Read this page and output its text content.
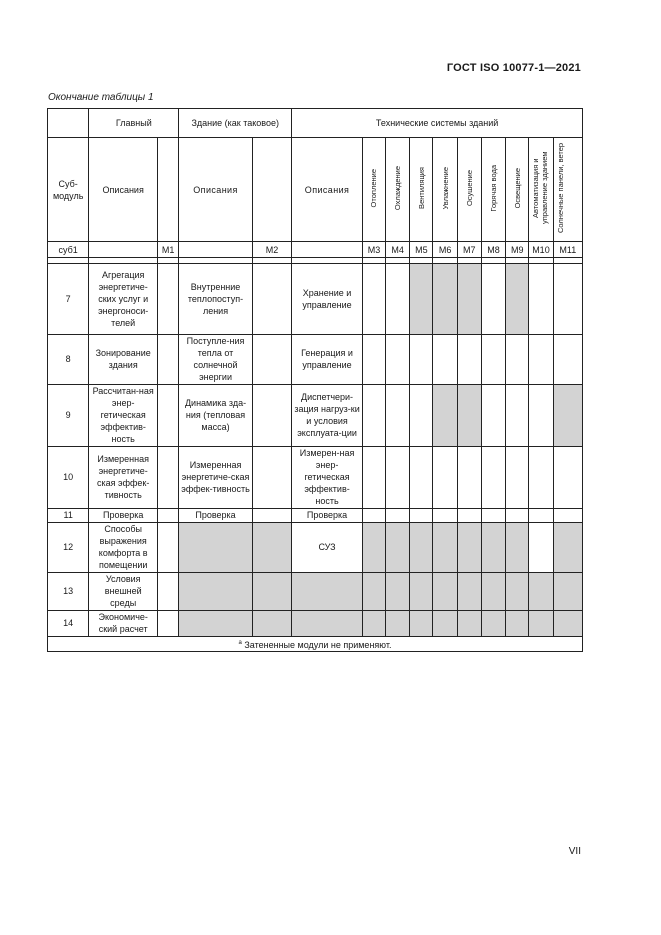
ГОСТ ISO 10077-1—2021
Окончание таблицы 1
	Главный		Здание (как таковое)		Технические системы зданий									
Суб-модуль	Описания		Описания		Описания	Отопление	Охлаждение	Вентиляция	Увлажнение	Осушение	Горячая вода	Освещение	Автоматизация и управление зданием	Солнечные панели, ветер
суб1		М1		М2		М3	М4	М5	М6	М7	М8	М9	М10	М11

7	Агрегация энергетиче-ских услуг и энергоноси-телей		Внутренние теплопоступ-ления		Хранение и управление									
8	Зонирование здания		Поступле-ния тепла от солнечной энергии		Генерация и управление									
9	Рассчитан-ная энер-гетическая эффектив-ность		Динамика зда-ния (тепловая масса)		Диспетчери-зация нагруз-ки и условия эксплуата-ции									
10	Измеренная энергетиче-ская эффек-тивность		Измеренная энергетиче-ская эффек-тивность		Измерен-ная энер-гетическая эффектив-ность									
11	Проверка		Проверка		Проверка									
12	Способы выражения комфорта в помещении				СУЗ									
13	Условия внешней среды													
14	Экономиче-ский расчет													
$^a$ Затененные модули не применяют.														
VII
